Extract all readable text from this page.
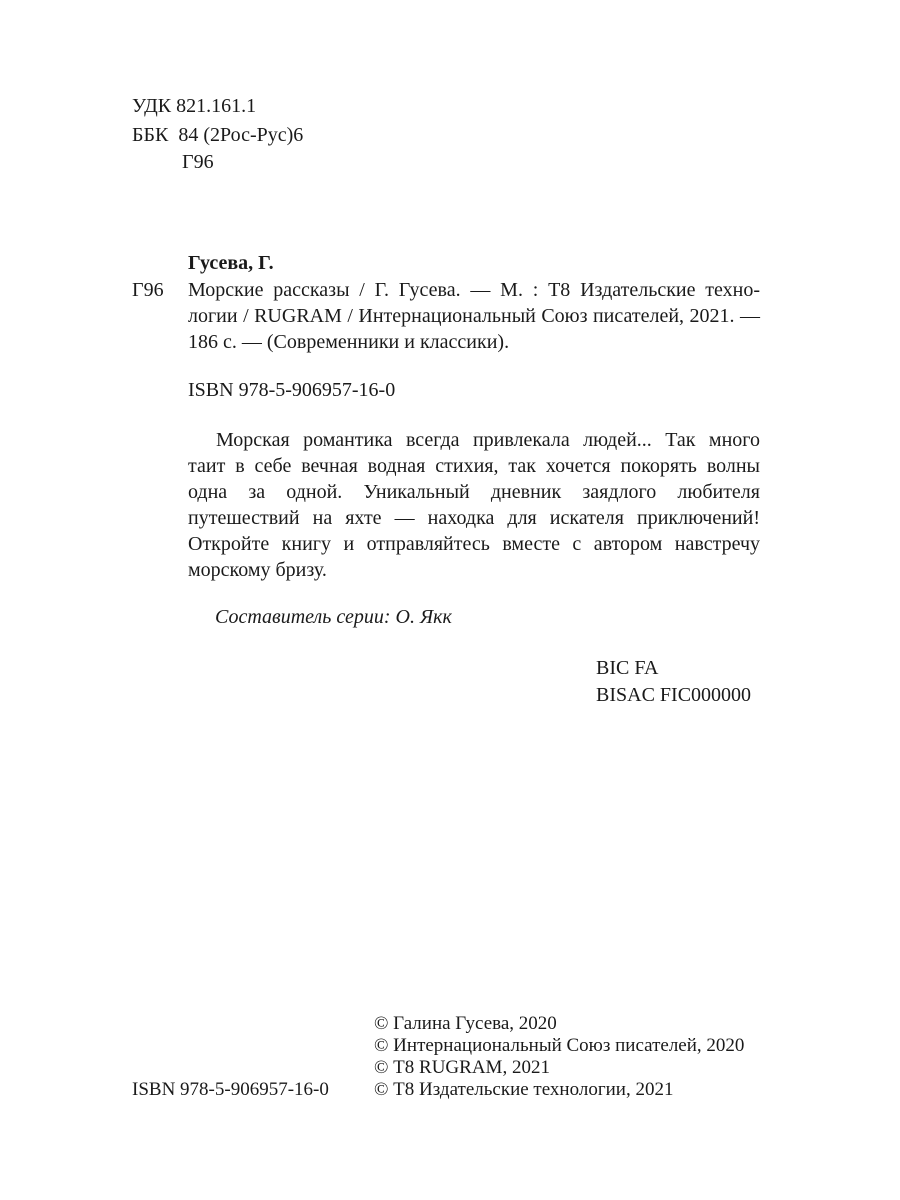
УДК 821.161.1
ББК 84 (2Рос-Рус)6
Г96
Гусева, Г.
Г96 Морские рассказы / Г. Гусева. — М. : Т8 Издательские техно-
логии / RUGRAM / Интернациональный Союз писателей, 2021. —
186 с. — (Современники и классики).
ISBN 978-5-906957-16-0
Морская романтика всегда привлекала людей... Так много
таит в себе вечная водная стихия, так хочется покорять волны
одна за одной. Уникальный дневник заядлого любителя
путешествий на яхте — находка для искателя приключений!
Откройте книгу и отправляйтесь вместе с автором навстречу
морскому бризу.
Составитель серии: О. Якк
BIC FA
BISAC FIC000000
ISBN 978-5-906957-16-0
© Галина Гусева, 2020
© Интернациональный Союз писателей, 2020
© Т8 RUGRAM, 2021
© Т8 Издательские технологии, 2021
